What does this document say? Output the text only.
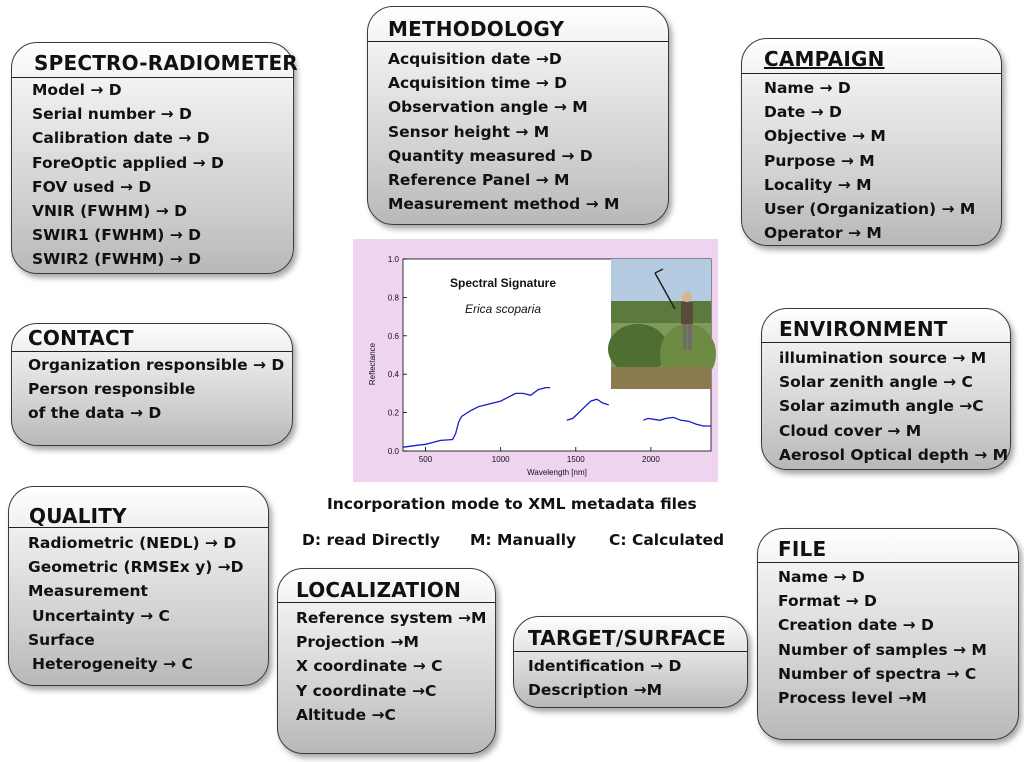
SPECTRO-RADIOMETER
Model → D
Serial number → D
Calibration date → D
ForeOptic applied → D
FOV used → D
VNIR (FWHM) → D
SWIR1 (FWHM) → D
SWIR2 (FWHM) → D
METHODOLOGY
Acquisition date →D
Acquisition time → D
Observation angle → M
Sensor height → M
Quantity measured → D
Reference Panel → M
Measurement method → M
CAMPAIGN
Name → D
Date → D
Objective → M
Purpose → M
Locality → M
User (Organization) → M
Operator → M
CONTACT
Organization responsible → D
Person responsible
of the data → D
ENVIRONMENT
illumination source → M
Solar zenith angle → C
Solar azimuth angle →C
Cloud cover → M
Aerosol Optical depth → M
QUALITY
Radiometric (NEDL) → D
Geometric (RMSEx y) →D
Measurement
Uncertainty → C
Surface
Heterogeneity → C
LOCALIZATION
Reference system →M
Projection →M
X coordinate → C
Y coordinate →C
Altitude →C
TARGET/SURFACE
Identification → D
Description →M
FILE
Name → D
Format → D
Creation date → D
Number of samples → M
Number of spectra → C
Process level →M
Incorporation mode to XML metadata files
D: read Directly M: Manually C: Calculated
0.0
0.2
0.4
0.6
0.8
1.0
500	1000	1500	2000
Spectral Signature
Erica scoparia
Reflectance
Wavelength [nm]
